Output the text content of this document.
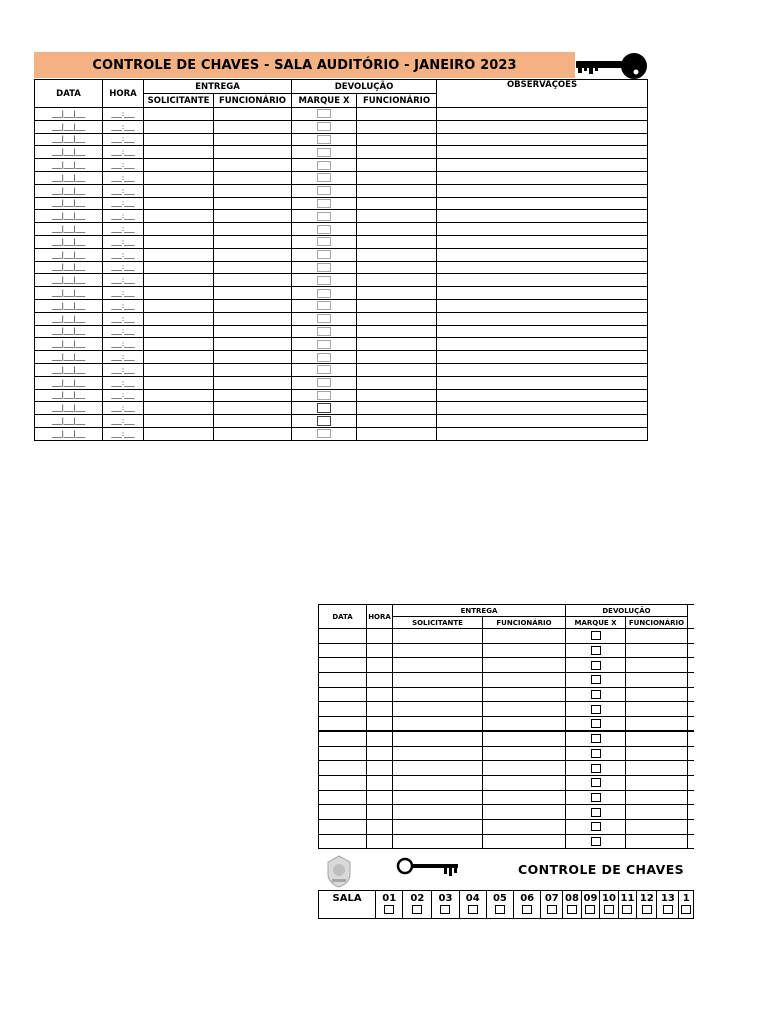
CONTROLE DE CHAVES - SALA AUDITÓRIO - JANEIRO 2023
DATA	HORA	ENTREGA		DEVOLUÇÃO		OBSERVAÇÕES
		SOLICITANTE	FUNCIONÁRIO	MARQUE X	FUNCIONÁRIO	
___|___|___	___:___					
___|___|___	___:___					
___|___|___	___:___					
___|___|___	___:___					
___|___|___	___:___					
___|___|___	___:___					
___|___|___	___:___					
___|___|___	___:___					
___|___|___	___:___					
___|___|___	___:___					
___|___|___	___:___					
___|___|___	___:___					
___|___|___	___:___					
___|___|___	___:___					
___|___|___	___:___					
___|___|___	___:___					
___|___|___	___:___					
___|___|___	___:___					
___|___|___	___:___					
___|___|___	___:___					
___|___|___	___:___					
___|___|___	___:___					
___|___|___	___:___					
___|___|___	___:___					
___|___|___	___:___					
___|___|___	___:___					
DATA	HORA	ENTREGA		DEVOLUÇÃO		
		SOLICITANTE	FUNCIONÁRIO	MARQUE X	FUNCIONÁRIO	

CONTROLE DE CHAVES
SALA	01	02	03	04	05	06	07	08	09	10	11	12	13	1
